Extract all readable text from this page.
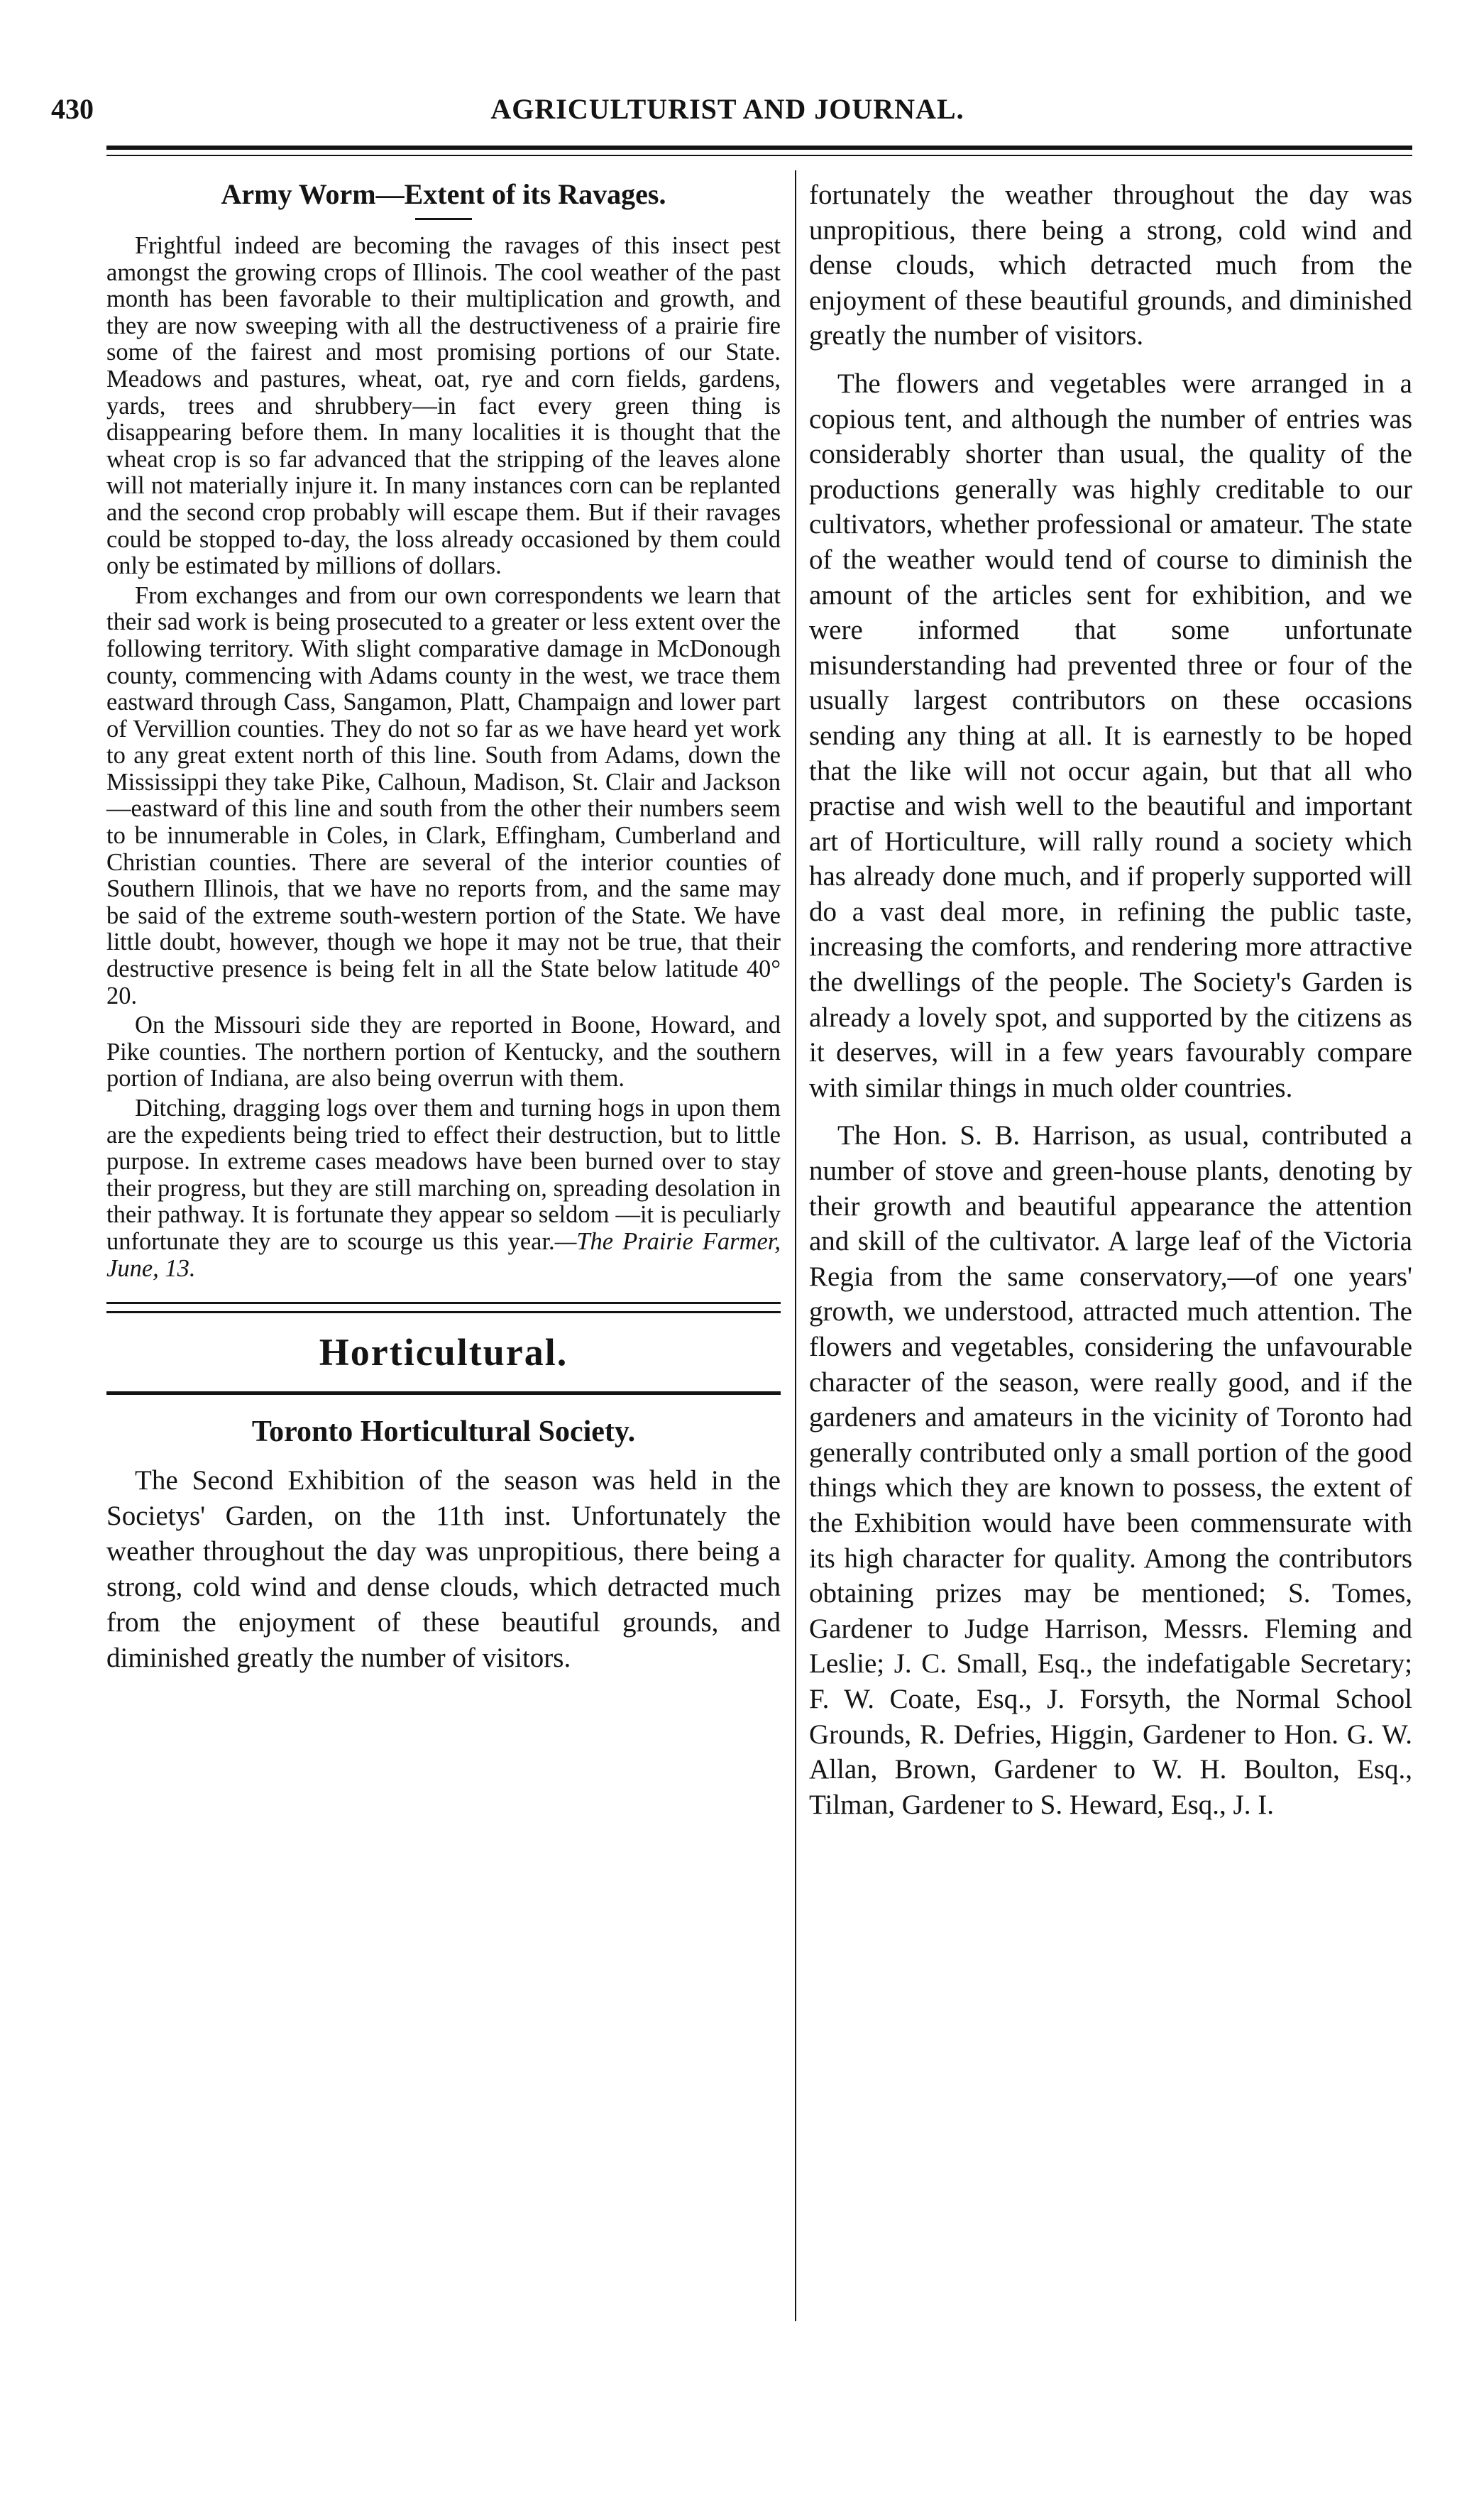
430	AGRICULTURIST AND JOURNAL.
Army Worm—Extent of its Ravages.

Frightful indeed are becoming the ravages of this insect pest amongst the growing crops of Illinois. The cool weather of the past month has been favorable to their multiplication and growth, and they are now sweeping with all the destructiveness of a prairie fire some of the fairest and most promising portions of our State. Meadows and pastures, wheat, oat, rye and corn fields, gardens, yards, trees and shrubbery—in fact every green thing is disappearing before them. In many localities it is thought that the wheat crop is so far advanced that the stripping of the leaves alone will not materially injure it. In many instances corn can be replanted and the second crop probably will escape them. But if their ravages could be stopped to-day, the loss already occasioned by them could only be estimated by millions of dollars.

From exchanges and from our own correspondents we learn that their sad work is being prosecuted to a greater or less extent over the following territory. With slight comparative damage in McDonough county, commencing with Adams county in the west, we trace them eastward through Cass, Sangamon, Platt, Champaign and lower part of Vervillion counties. They do not so far as we have heard yet work to any great extent north of this line. South from Adams, down the Mississippi they take Pike, Calhoun, Madison, St. Clair and Jackson—eastward of this line and south from the other their numbers seem to be innumerable in Coles, in Clark, Effingham, Cumberland and Christian counties. There are several of the interior counties of Southern Illinois, that we have no reports from, and the same may be said of the extreme south-western portion of the State. We have little doubt, however, though we hope it may not be true, that their destructive presence is being felt in all the State below latitude 40° 20.

On the Missouri side they are reported in Boone, Howard, and Pike counties. The northern portion of Kentucky, and the southern portion of Indiana, are also being overrun with them.

Ditching, dragging logs over them and turning hogs in upon them are the expedients being tried to effect their destruction, but to little purpose. In extreme cases meadows have been burned over to stay their progress, but they are still marching on, spreading desolation in their pathway. It is fortunate they appear so seldom —it is peculiarly unfortunate they are to scourge us this year.—The Prairie Farmer, June, 13.

Horticultural.
Toronto Horticultural Society.

The Second Exhibition of the season was held in the Societys' Garden, on the 11th inst. Unfortunately the weather throughout the day was unpropitious, there being a strong, cold wind and dense clouds, which detracted much from the enjoyment of these beautiful grounds, and diminished greatly the number of visitors.

fortunately the weather throughout the day was unpropitious, there being a strong, cold wind and dense clouds, which detracted much from the enjoyment of these beautiful grounds, and diminished greatly the number of visitors.

The flowers and vegetables were arranged in a copious tent, and although the number of entries was considerably shorter than usual, the quality of the productions generally was highly creditable to our cultivators, whether professional or amateur. The state of the weather would tend of course to diminish the amount of the articles sent for exhibition, and we were informed that some unfortunate misunderstanding had prevented three or four of the usually largest contributors on these occasions sending any thing at all. It is earnestly to be hoped that the like will not occur again, but that all who practise and wish well to the beautiful and important art of Horticulture, will rally round a society which has already done much, and if properly supported will do a vast deal more, in refining the public taste, increasing the comforts, and rendering more attractive the dwellings of the people. The Society's Garden is already a lovely spot, and supported by the citizens as it deserves, will in a few years favourably compare with similar things in much older countries.

The Hon. S. B. Harrison, as usual, contributed a number of stove and green-house plants, denoting by their growth and beautiful appearance the attention and skill of the cultivator. A large leaf of the Victoria Regia from the same conservatory,—of one years' growth, we understood, attracted much attention. The flowers and vegetables, considering the unfavourable character of the season, were really good, and if the gardeners and amateurs in the vicinity of Toronto had generally contributed only a small portion of the good things which they are known to possess, the extent of the Exhibition would have been commensurate with its high character for quality. Among the contributors obtaining prizes may be mentioned; S. Tomes, Gardener to Judge Harrison, Messrs. Fleming and Leslie; J. C. Small, Esq., the indefatigable Secretary; F. W. Coate, Esq., J. Forsyth, the Normal School Grounds, R. Defries, Higgin, Gardener to Hon. G. W. Allan, Brown, Gardener to W. H. Boulton, Esq., Tilman, Gardener to S. Heward, Esq., J. I.
